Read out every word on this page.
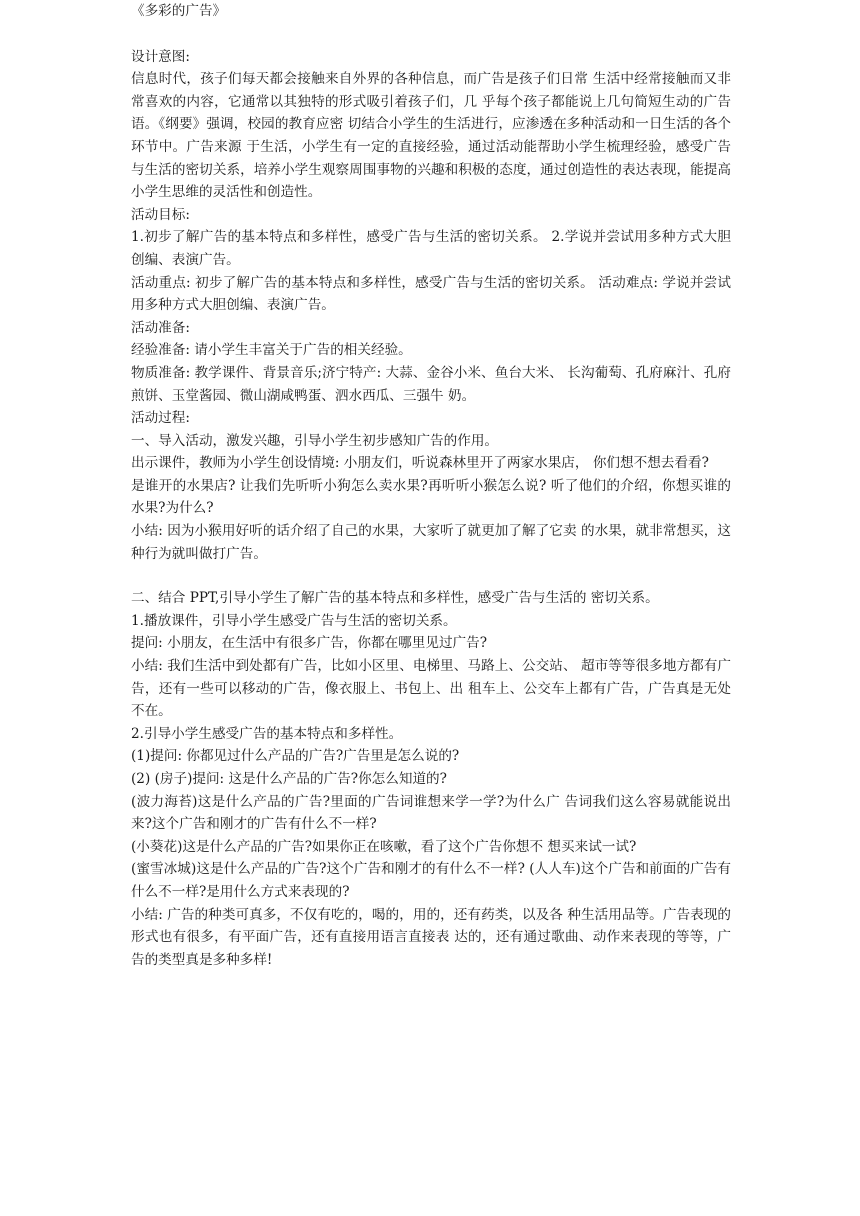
《多彩的广告》

设计意图:

信息时代，孩子们每天都会接触来自外界的各种信息，而广告是孩子们日常 生活中经常接触而又非常喜欢的内容，它通常以其独特的形式吸引着孩子们，几 乎每个孩子都能说上几句简短生动的广告语。《纲要》强调，校园的教育应密 切结合小学生的生活进行，应渗透在多种活动和一日生活的各个环节中。广告来源 于生活，小学生有一定的直接经验，通过活动能帮助小学生梳理经验，感受广告与生活的密切关系，培养小学生观察周围事物的兴趣和积极的态度，通过创造性的表达表现，能提高小学生思维的灵活性和创造性。

活动目标:

1.初步了解广告的基本特点和多样性，感受广告与生活的密切关系。 2.学说并尝试用多种方式大胆创编、表演广告。

活动重点: 初步了解广告的基本特点和多样性，感受广告与生活的密切关系。 活动难点: 学说并尝试用多种方式大胆创编、表演广告。

活动准备:

经验准备: 请小学生丰富关于广告的相关经验。

物质准备: 教学课件、背景音乐;济宁特产: 大蒜、金谷小米、鱼台大米、 长沟葡萄、孔府麻汁、孔府煎饼、玉堂酱园、微山湖咸鸭蛋、泗水西瓜、三强牛 奶。

活动过程:

一、导入活动，激发兴趣，引导小学生初步感知广告的作用。

出示课件，教师为小学生创设情境: 小朋友们，听说森林里开了两家水果店， 你们想不想去看看?

是谁开的水果店? 让我们先听听小狗怎么卖水果?再听听小猴怎么说? 听了他们的介绍，你想买谁的水果?为什么?

小结: 因为小猴用好听的话介绍了自己的水果，大家听了就更加了解了它卖 的水果，就非常想买，这种行为就叫做打广告。

二、结合 PPT,引导小学生了解广告的基本特点和多样性，感受广告与生活的 密切关系。

1.播放课件，引导小学生感受广告与生活的密切关系。

提问: 小朋友，在生活中有很多广告，你都在哪里见过广告?

小结: 我们生活中到处都有广告，比如小区里、电梯里、马路上、公交站、 超市等等很多地方都有广告，还有一些可以移动的广告，像衣服上、书包上、出 租车上、公交车上都有广告，广告真是无处不在。

2.引导小学生感受广告的基本特点和多样性。

(1)提问: 你都见过什么产品的广告?广告里是怎么说的?

(2) (房子)提问: 这是什么产品的广告?你怎么知道的?

(波力海苔)这是什么产品的广告?里面的广告词谁想来学一学?为什么广 告词我们这么容易就能说出来?这个广告和刚才的广告有什么不一样?

(小葵花)这是什么产品的广告?如果你正在咳嗽，看了这个广告你想不 想买来试一试?

(蜜雪冰城)这是什么产品的广告?这个广告和刚才的有什么不一样? (人人车)这个广告和前面的广告有什么不一样?是用什么方式来表现的?

小结: 广告的种类可真多，不仅有吃的，喝的，用的，还有药类，以及各 种生活用品等。广告表现的形式也有很多，有平面广告，还有直接用语言直接表 达的，还有通过歌曲、动作来表现的等等，广告的类型真是多种多样!
